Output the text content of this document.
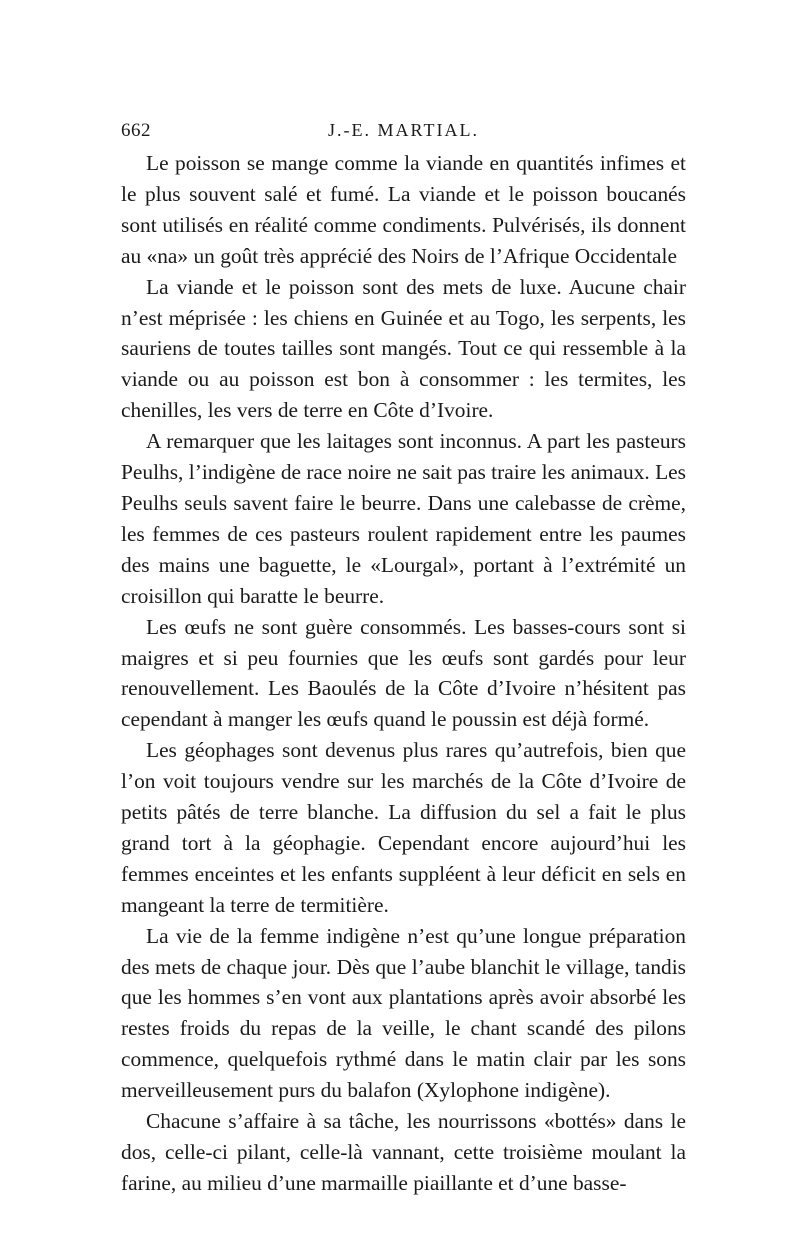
662	J.-E. MARTIAL.

Le poisson se mange comme la viande en quantités infimes et le plus souvent salé et fumé. La viande et le poisson boucanés sont utilisés en réalité comme condiments. Pulvérisés, ils donnent au «na» un goût très apprécié des Noirs de l’Afrique Occidentale

La viande et le poisson sont des mets de luxe. Aucune chair n’est méprisée : les chiens en Guinée et au Togo, les serpents, les sauriens de toutes tailles sont mangés. Tout ce qui ressemble à la viande ou au poisson est bon à consommer : les termites, les chenilles, les vers de terre en Côte d’Ivoire.

A remarquer que les laitages sont inconnus. A part les pasteurs Peulhs, l’indigène de race noire ne sait pas traire les animaux. Les Peulhs seuls savent faire le beurre. Dans une calebasse de crème, les femmes de ces pasteurs roulent rapidement entre les paumes des mains une baguette, le «Lourgal», portant à l’extrémité un croisillon qui baratte le beurre.

Les œufs ne sont guère consommés. Les basses-cours sont si maigres et si peu fournies que les œufs sont gardés pour leur renouvellement. Les Baoulés de la Côte d’Ivoire n’hésitent pas cependant à manger les œufs quand le poussin est déjà formé.

Les géophages sont devenus plus rares qu’autrefois, bien que l’on voit toujours vendre sur les marchés de la Côte d’Ivoire de petits pâtés de terre blanche. La diffusion du sel a fait le plus grand tort à la géophagie. Cependant encore aujourd’hui les femmes enceintes et les enfants suppléent à leur déficit en sels en mangeant la terre de termitière.

La vie de la femme indigène n’est qu’une longue préparation des mets de chaque jour. Dès que l’aube blanchit le village, tandis que les hommes s’en vont aux plantations après avoir absorbé les restes froids du repas de la veille, le chant scandé des pilons commence, quelquefois rythmé dans le matin clair par les sons merveilleusement purs du balafon (Xylophone indigène).

Chacune s’affaire à sa tâche, les nourrissons «bottés» dans le dos, celle-ci pilant, celle-là vannant, cette troisième moulant la farine, au milieu d’une marmaille piaillante et d’une basse-
